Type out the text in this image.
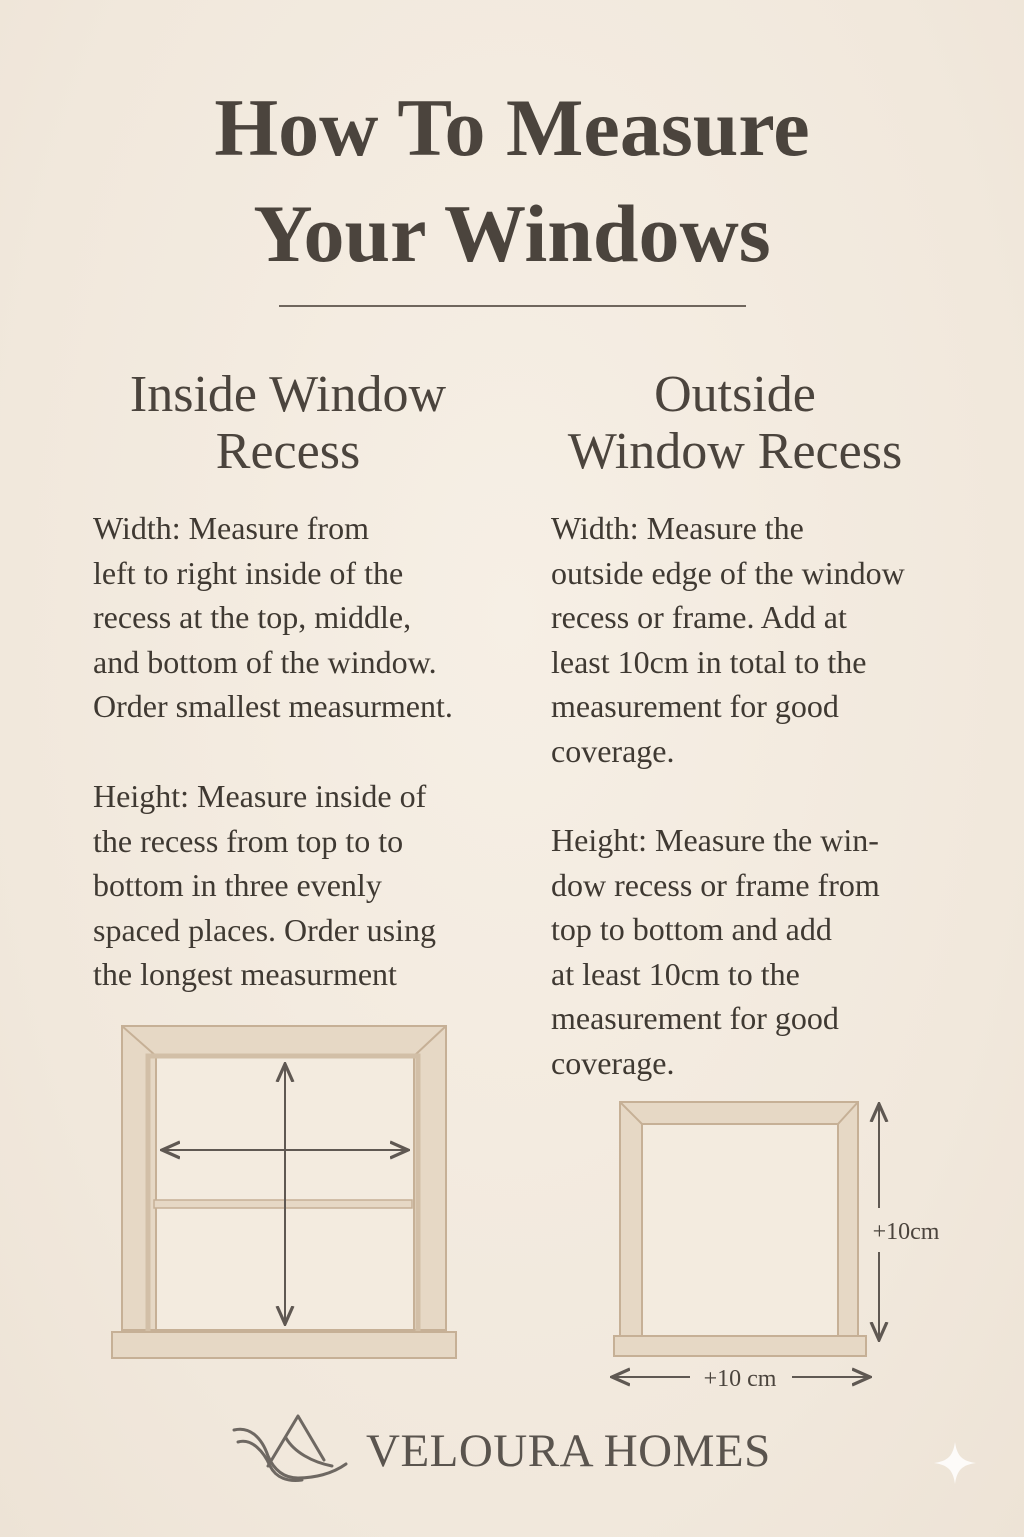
How To Measure
Your Windows
Inside Window
Recess

Width: Measure from
left to right inside of the
recess at the top, middle,
and bottom of the window.
Order smallest measurment.

Height: Measure inside of
the recess from top to to
bottom in three evenly
spaced places. Order using
the longest measurment

Outside
Window Recess

Width: Measure the
outside edge of the window
recess or frame. Add at
least 10cm in total to the
measurement for good
coverage.

Height: Measure the win-
dow recess or frame from
top to bottom and add
at least 10cm to the
measurement for good
coverage.

+10cm
+10 cm
VELOURA HOMES
